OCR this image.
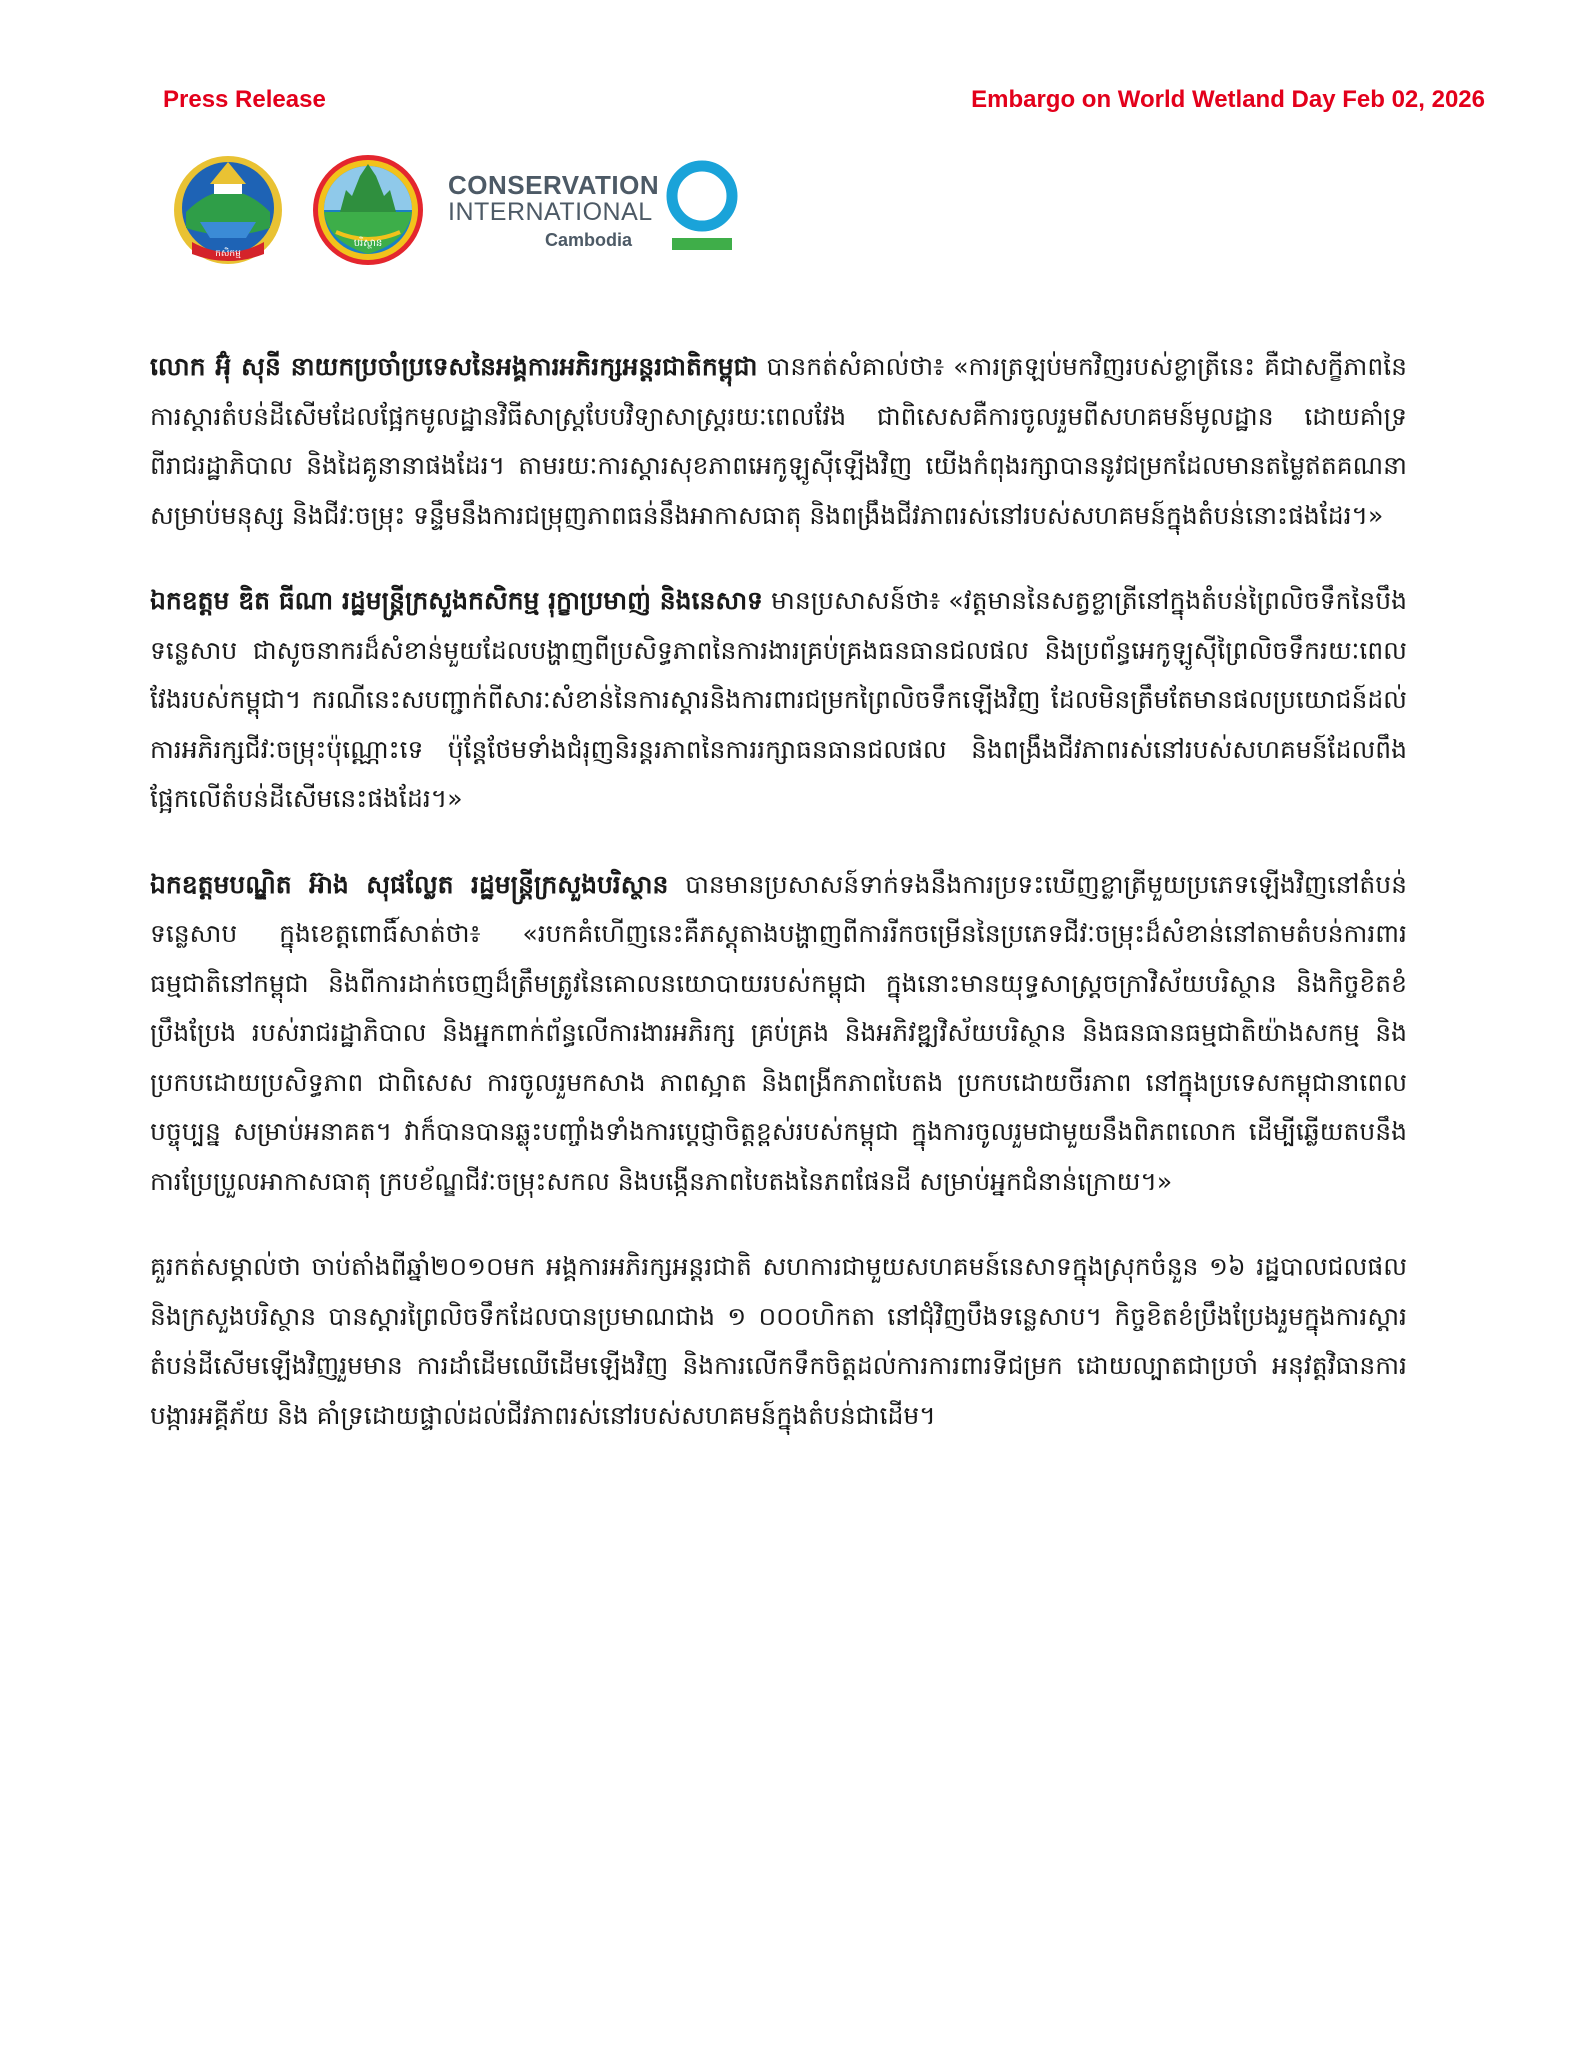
Press Release	Embargo on World Wetland Day Feb 02, 2026
កសិកម្ម
បរិស្ថាន
CONSERVATION
INTERNATIONAL
Cambodia

លោក អ៊ុំ សុនី នាយកប្រចាំប្រទេសនៃអង្គការអភិរក្សអន្តរជាតិកម្ពុជា បានកត់សំគាល់ថា៖ «ការត្រឡប់មកវិញរបស់ខ្លាត្រីនេះ គឺជាសក្ខីភាពនៃការស្តារតំបន់ដីសើមដែលផ្អែកមូលដ្ឋានវិធីសាស្រ្តបែបវិទ្យាសាស្រ្តរយៈពេលវែង ជាពិសេសគឺការចូលរួមពីសហគមន៍មូលដ្ឋាន ដោយគាំទ្រពីរាជរដ្ឋាភិបាល និងដៃគូនានាផងដែរ។ តាមរយៈការស្តារសុខភាពអេកូឡូស៊ីឡើងវិញ យើងកំពុងរក្សាបាននូវជម្រកដែលមានតម្លៃឥតគណនាសម្រាប់មនុស្ស និងជីវៈចម្រុះ ទន្ទឹមនឹងការជម្រុញភាពធន់នឹងអាកាសធាតុ និងពង្រឹងជីវភាពរស់នៅរបស់សហគមន៍ក្នុងតំបន់នោះផងដែរ។»

ឯកឧត្តម ឌិត ធីណា រដ្ឋមន្រ្តីក្រសួងកសិកម្ម រុក្ខាប្រមាញ់ និងនេសាទ មានប្រសាសន៍ថា៖ «វត្តមាននៃសត្វខ្លាត្រីនៅក្នុងតំបន់ព្រៃលិចទឹកនៃបឹងទន្លេសាប ជាសូចនាករដ៏សំខាន់មួយដែលបង្ហាញពីប្រសិទ្ធភាពនៃការងារគ្រប់គ្រងធនធានជលផល និងប្រព័ន្ធអេកូឡូស៊ីព្រៃលិចទឹករយៈពេលវែងរបស់កម្ពុជា។ ករណីនេះសបញ្ជាក់ពីសារៈសំខាន់នៃការស្តារនិងការពារជម្រកព្រៃលិចទឹកឡើងវិញ ដែលមិនត្រឹមតែមានផលប្រយោជន៍ដល់ការអភិរក្សជីវៈចម្រុះប៉ុណ្ណោះទេ ប៉ុន្តែថែមទាំងជំរុញនិរន្តរភាពនៃការរក្សាធនធានជលផល និងពង្រឹងជីវភាពរស់នៅរបស់សហគមន៍ដែលពឹងផ្អែកលើតំបន់ដីសើមនេះផងដែរ។»

ឯកឧត្តមបណ្ឌិត អ៊ាង សុផល្លែត រដ្ឋមន្រ្តីក្រសួងបរិស្ថាន បានមានប្រសាសន៍ទាក់ទងនឹងការប្រទះឃើញខ្លាត្រីមួយប្រភេទឡើងវិញនៅតំបន់ទន្លេសាប ក្នុងខេត្តពោធិ៍សាត់ថា៖ «របកគំហើញនេះគឺភស្តុតាងបង្ហាញពីការរីកចម្រើននៃប្រភេទជីវៈចម្រុះដ៏សំខាន់នៅតាមតំបន់ការពារធម្មជាតិនៅកម្ពុជា និងពីការដាក់ចេញដ៏ត្រឹមត្រូវនៃគោលនយោបាយរបស់កម្ពុជា ក្នុងនោះមានយុទ្ធសាស្ត្រចក្រាវិស័យបរិស្ថាន និងកិច្ចខិតខំប្រឹងប្រែង របស់រាជរដ្ឋាភិបាល និងអ្នកពាក់ព័ន្ធលើការងារអភិរក្ស គ្រប់គ្រង និងអភិវឌ្ឍវិស័យបរិស្ថាន និងធនធានធម្មជាតិយ៉ាងសកម្ម និងប្រកបដោយប្រសិទ្ធភាព ជាពិសេស ការចូលរួមកសាង ភាពស្អាត និងពង្រីកភាពបៃតង ប្រកបដោយចីរភាព នៅក្នុងប្រទេសកម្ពុជានាពេលបច្ចុប្បន្ន សម្រាប់អនាគត។ វាក៏បានបានឆ្លុះបញ្ចាំងទាំងការប្តេជ្ញាចិត្តខ្ពស់របស់កម្ពុជា ក្នុងការចូលរួមជាមួយនឹងពិភពលោក ដើម្បីឆ្លើយតបនឹងការប្រែប្រួលអាកាសធាតុ ក្របខ័ណ្ឌជីវៈចម្រុះសកល និងបង្កើនភាពបៃតងនៃភពផែនដី សម្រាប់អ្នកជំនាន់ក្រោយ។»

គួរកត់សម្គាល់ថា ចាប់តាំងពីឆ្នាំ២០១០មក អង្គការអភិរក្សអន្តរជាតិ សហការជាមួយសហគមន៍នេសាទក្នុងស្រុកចំនួន ១៦ រដ្ឋបាលជលផល និងក្រសួងបរិស្ថាន បានស្តារព្រៃលិចទឹកដែលបានប្រមាណជាង ១ ០០០ហិកតា នៅជុំវិញបឹងទន្លេសាប។ កិច្ចខិតខំប្រឹងប្រែងរួមក្នុងការស្តារតំបន់ដីសើមឡើងវិញរួមមាន ការដាំដើមឈើដើមឡើងវិញ និងការលើកទឹកចិត្តដល់ការការពារទីជម្រក ដោយល្បាតជាប្រចាំ អនុវត្តវិធានការបង្ការអគ្គីភ័យ និង គាំទ្រដោយផ្ទាល់ដល់ជីវភាពរស់នៅរបស់សហគមន៍ក្នុងតំបន់ជាដើម។
